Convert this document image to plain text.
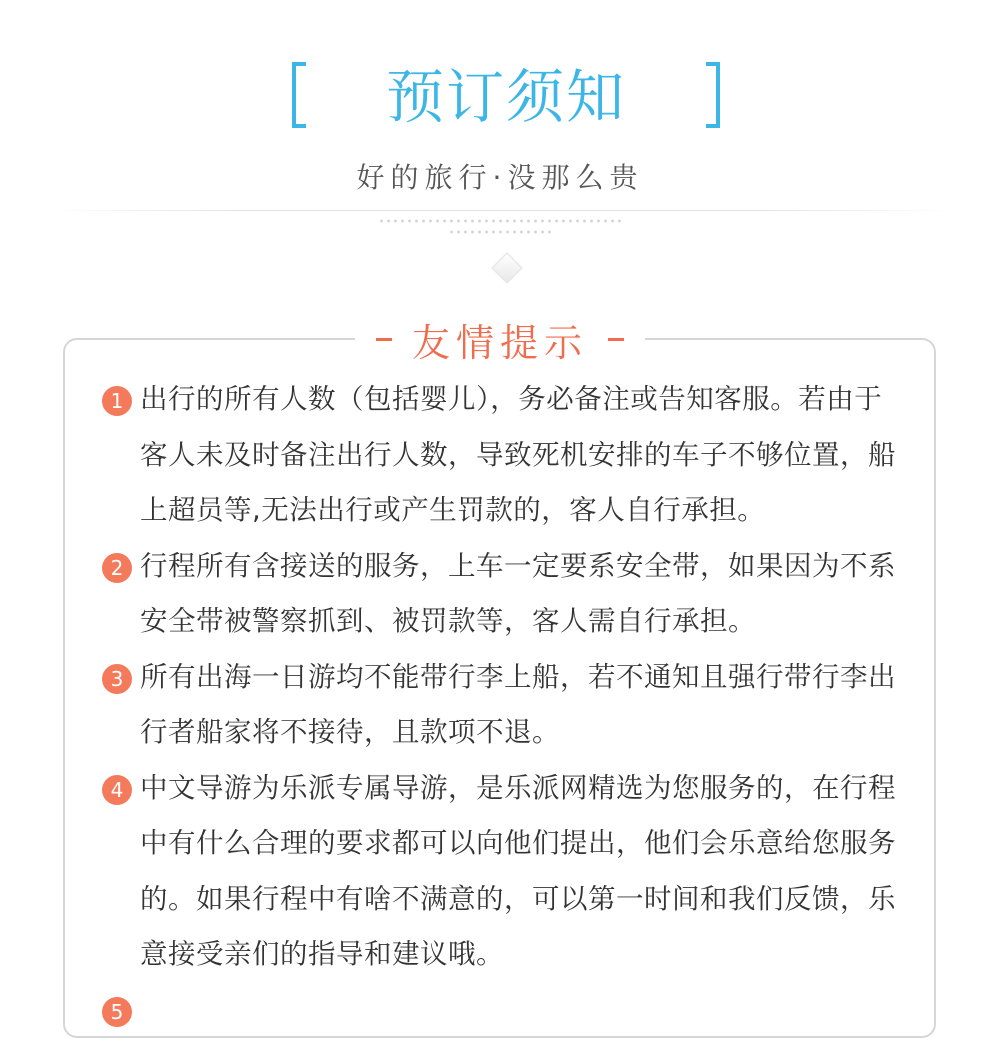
预订须知
好的旅行·没那么贵
友情提示
1 出行的所有人数（包括婴儿），务必备注或告知客服。若由于客人未及时备注出行人数，导致死机安排的车子不够位置，船上超员等,无法出行或产生罚款的，客人自行承担。
2 行程所有含接送的服务，上车一定要系安全带，如果因为不系安全带被警察抓到、被罚款等，客人需自行承担。
3 所有出海一日游均不能带行李上船，若不通知且强行带行李出行者船家将不接待，且款项不退。
4 中文导游为乐派专属导游，是乐派网精选为您服务的，在行程中有什么合理的要求都可以向他们提出，他们会乐意给您服务的。如果行程中有啥不满意的，可以第一时间和我们反馈，乐意接受亲们的指导和建议哦。
5
